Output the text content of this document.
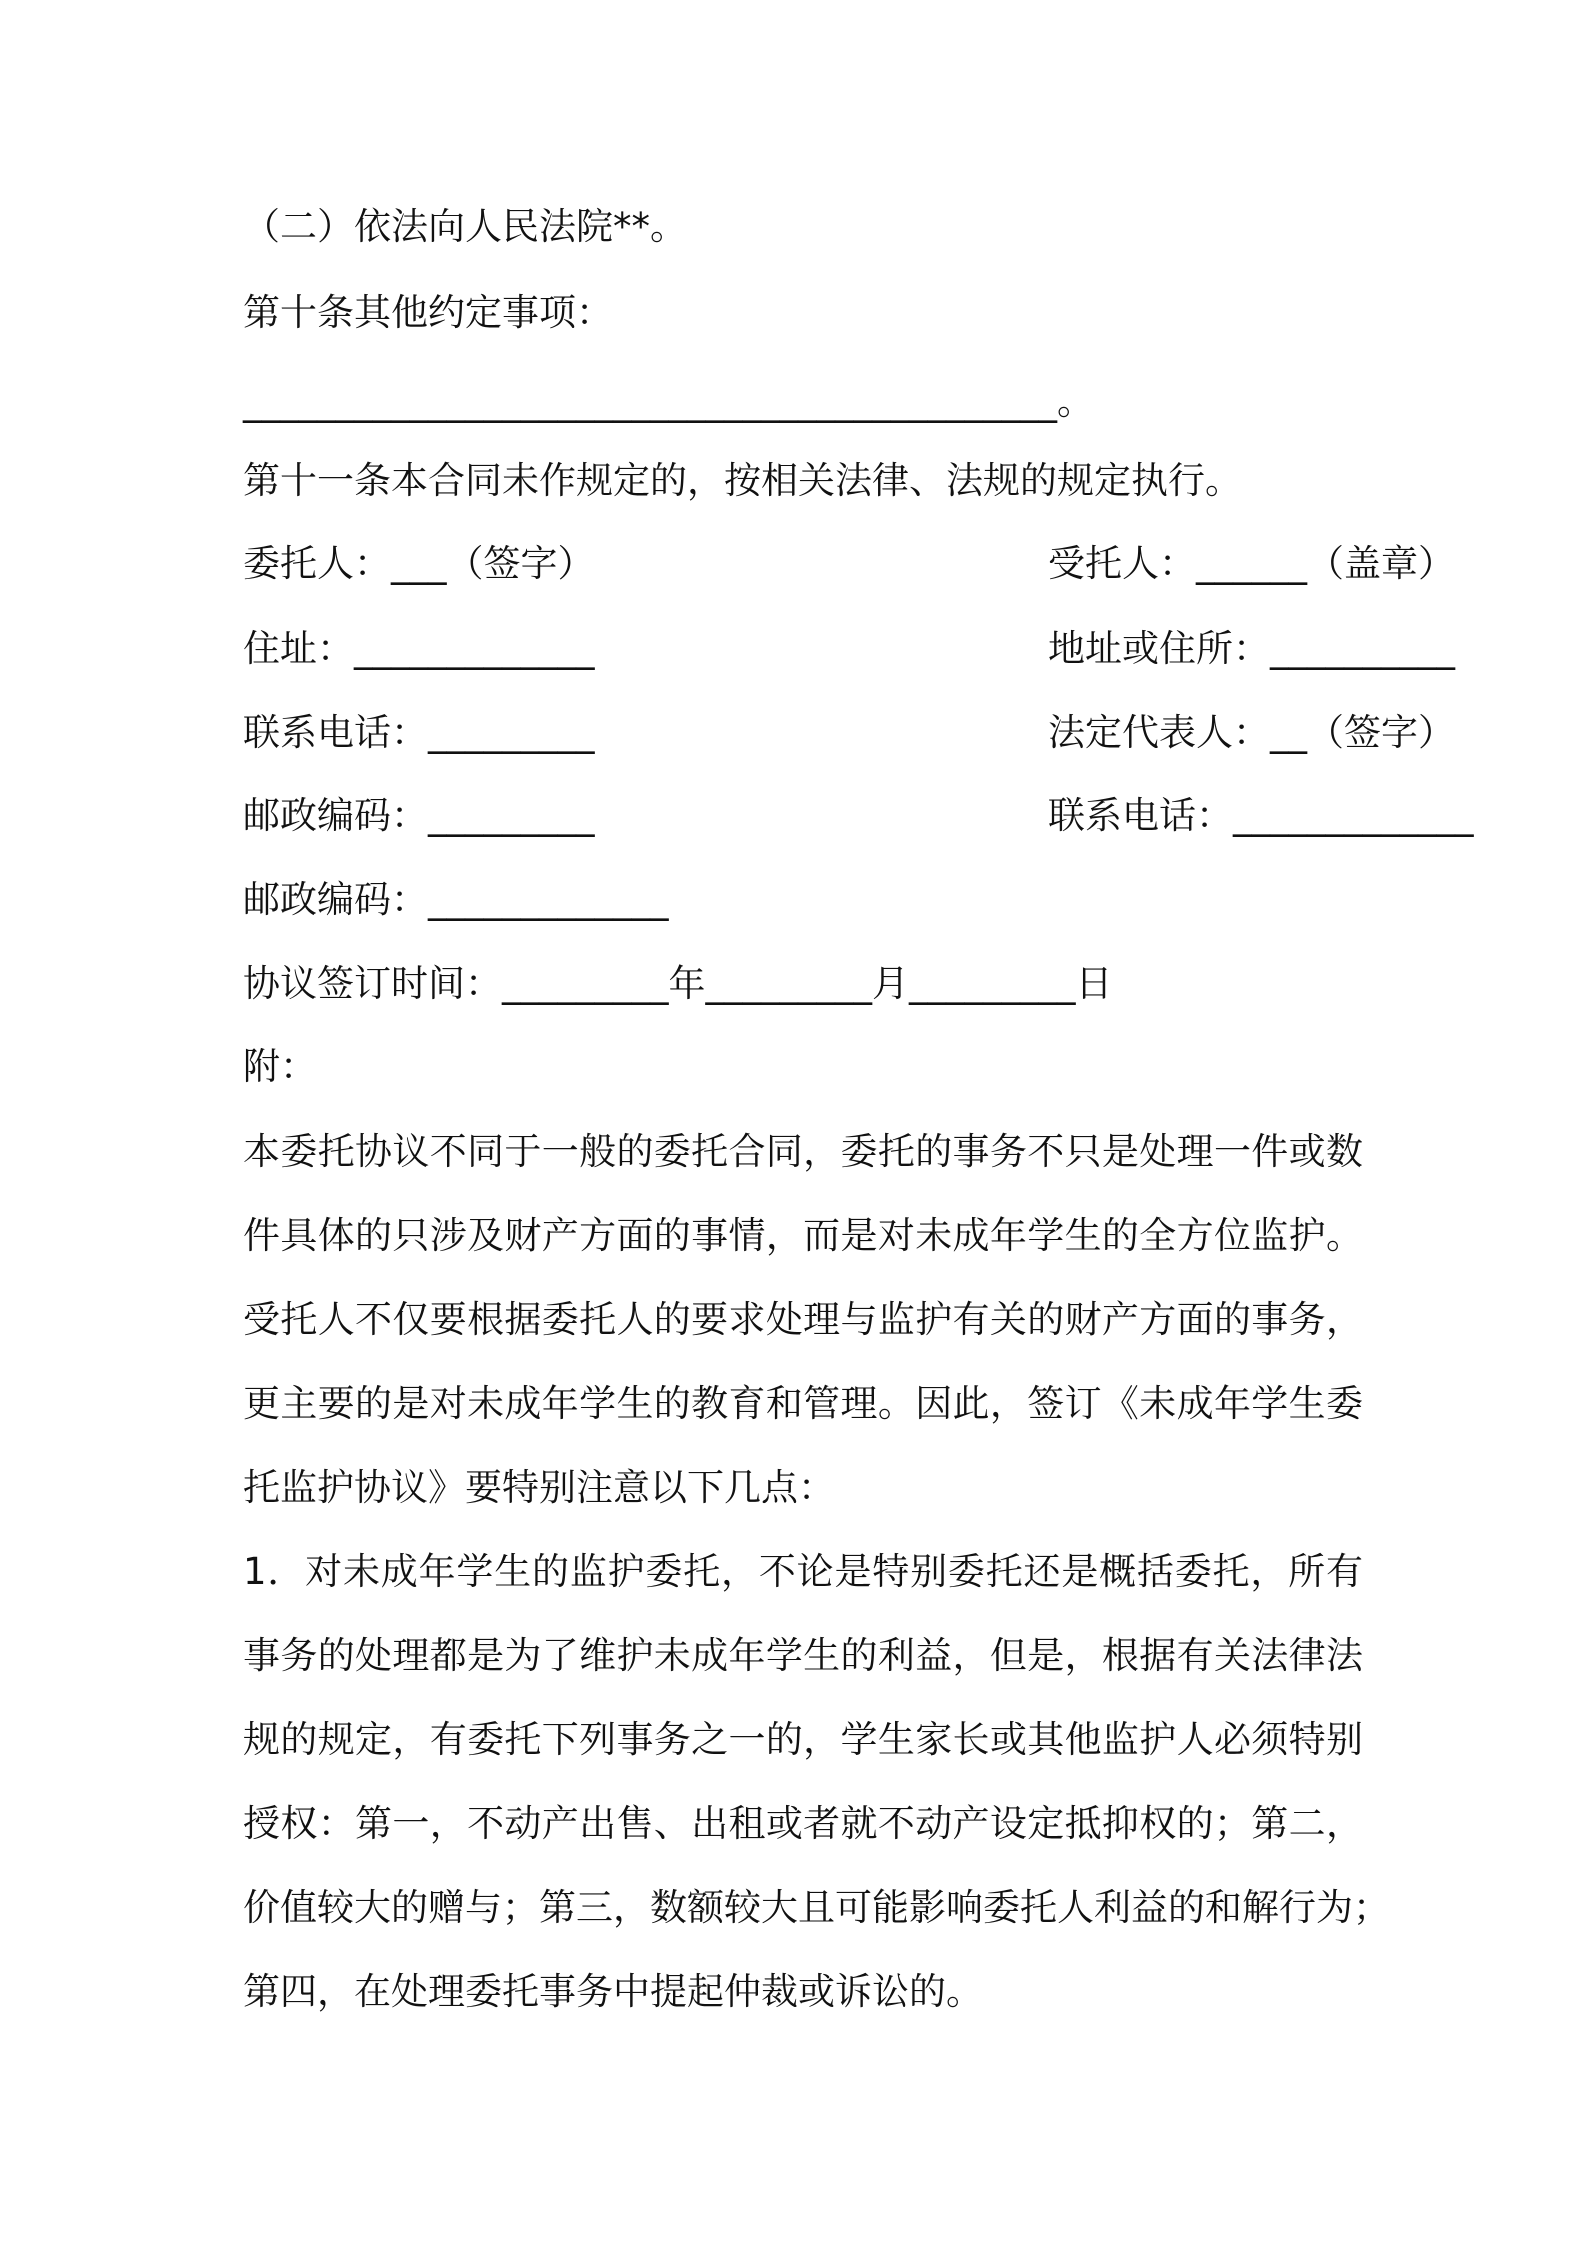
（二）依法向人民法院**。
第十条其他约定事项：
____________________________________________。
第十一条本合同未作规定的，按相关法律、法规的规定执行。
委托人：___（签字）	受托人：______（盖章）
住址：_____________	地址或住所：__________
联系电话：_________	法定代表人：__（签字）
邮政编码：_________	联系电话：_____________
邮政编码：_____________
协议签订时间：_________年_________月_________日
附：
本委托协议不同于一般的委托合同，委托的事务不只是处理一件或数
件具体的只涉及财产方面的事情，而是对未成年学生的全方位监护。
受托人不仅要根据委托人的要求处理与监护有关的财产方面的事务，
更主要的是对未成年学生的教育和管理。因此，签订《未成年学生委
托监护协议》要特别注意以下几点：
1．对未成年学生的监护委托，不论是特别委托还是概括委托，所有
事务的处理都是为了维护未成年学生的利益，但是，根据有关法律法
规的规定，有委托下列事务之一的，学生家长或其他监护人必须特别
授权：第一，不动产出售、出租或者就不动产设定抵抑权的；第二，
价值较大的赠与；第三，数额较大且可能影响委托人利益的和解行为；
第四，在处理委托事务中提起仲裁或诉讼的。
